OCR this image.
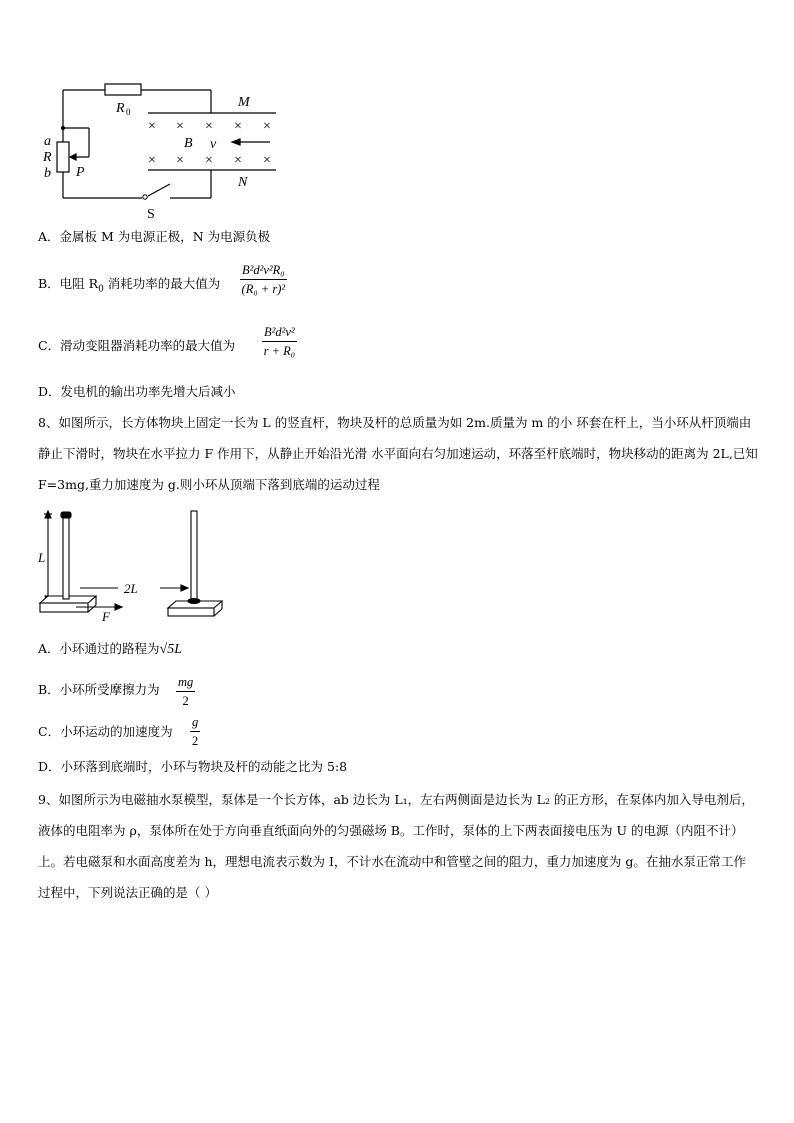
× × × × ×
× × × × ×
R 0
M
N
a
R
b P
B v
S
A．金属板 M 为电源正极，N 为电源负极
B．电阻 $R_0$ 消耗功率的最大值为 $\frac{\text{B²d²v²R₀}}{\text{(R₀ + r)²}}$
C．滑动变阻器消耗功率的最大值为 $\frac{\text{B²d²v²}}{\text{r + R₀}}$
D．发电机的输出功率先增大后减小
8、如图所示，长方体物块上固定一长为 L 的竖直杆，物块及杆的总质量为如 2m.质量为 m 的小 环套在杆上，当小环从杆顶端由静止下滑时，物块在水平拉力 F 作用下，从静止开始沿光滑 水平面向右匀加速运动，环落至杆底端时，物块移动的距离为 2L,已知 F=3mg,重力加速度为 g.则小环从顶端下落到底端的运动过程
L
2L
F
A．小环通过的路程为√5L
B．小环所受摩擦力为 $\frac{mg}{2}$
C．小环运动的加速度为 $\frac{g}{2}$
D．小环落到底端时，小环与物块及杆的动能之比为 5:8
9、如图所示为电磁抽水泵模型，泵体是一个长方体，ab 边长为 L₁，左右两侧面是边长为 L₂ 的正方形，在泵体内加入导电剂后，液体的电阻率为 ρ，泵体所在处于方向垂直纸面向外的匀强磁场 B。工作时，泵体的上下两表面接电压为 U 的电源（内阻不计）上。若电磁泵和水面高度差为 h，理想电流表示数为 I，不计水在流动中和管壁之间的阻力，重力加速度为 g。在抽水泵正常工作过程中，下列说法正确的是（ ）
